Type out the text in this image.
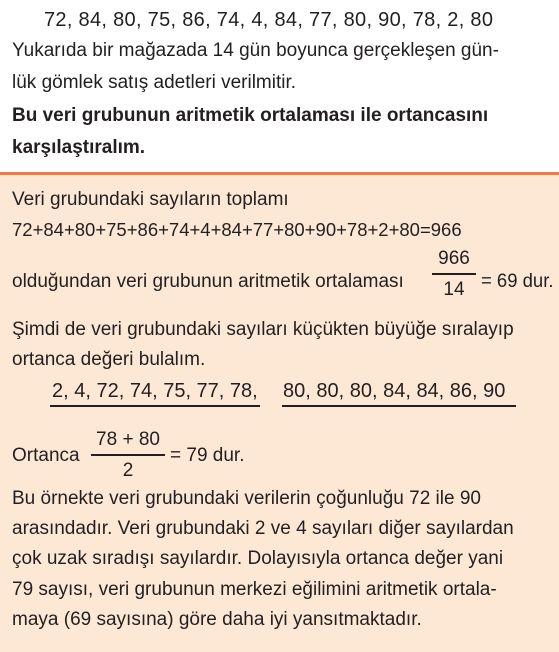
72, 84, 80, 75, 86, 74, 4, 84, 77, 80, 90, 78, 2, 80
Yukarıda bir mağazada 14 gün boyunca gerçekleşen gün-
lük gömlek satış adetleri verilmitir.
Bu veri grubunun aritmetik ortalaması ile ortancasını
karşılaştıralım.
Veri grubundaki sayıların toplamı
72+84+80+75+86+74+4+84+77+80+90+78+2+80=966
olduğundan veri grubunun aritmetik ortalaması
966
14 = 69 dur.
Şimdi de veri grubundaki sayıları küçükten büyüğe sıralayıp
ortanca değeri bulalım.
2, 4, 72, 74, 75, 77, 78, 80, 80, 80, 84, 84, 86, 90
Ortanca
78 + 80
2
= 79 dur.
Bu örnekte veri grubundaki verilerin çoğunluğu 72 ile 90
arasındadır. Veri grubundaki 2 ve 4 sayıları diğer sayılardan
çok uzak sıradışı sayılardır. Dolayısıyla ortanca değer yani
79 sayısı, veri grubunun merkezi eğilimini aritmetik ortala-
maya (69 sayısına) göre daha iyi yansıtmaktadır.
